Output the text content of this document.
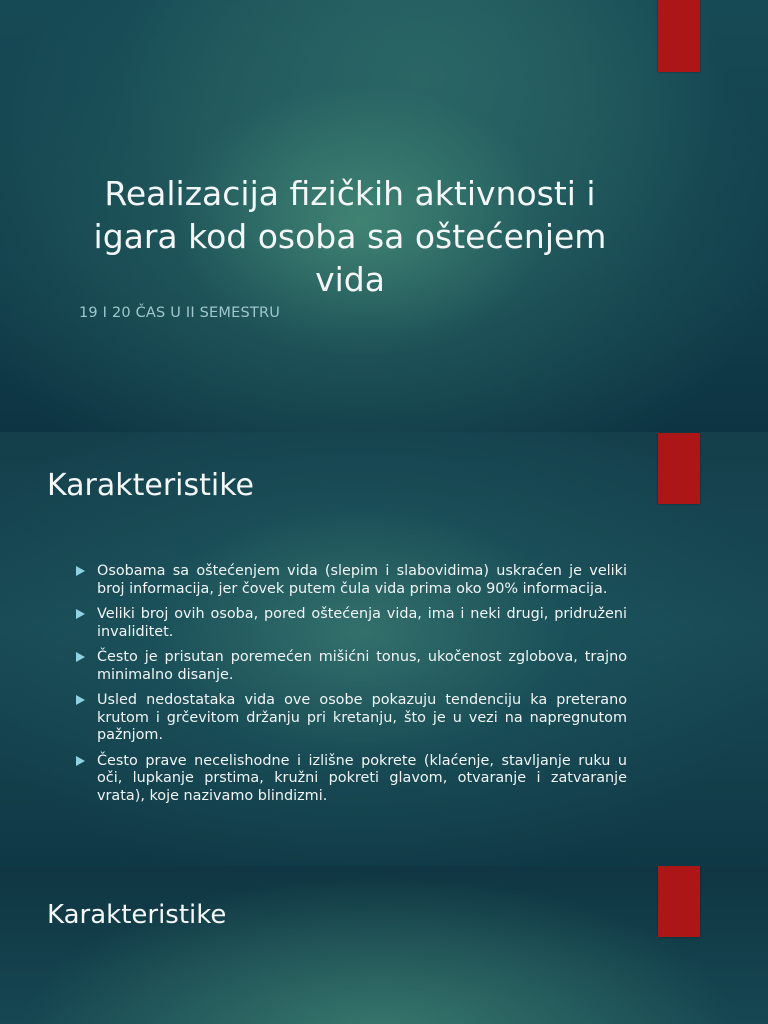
Realizacija fizičkih aktivnosti i igara kod osoba sa oštećenjem vida

19 I 20 ČAS U II SEMESTRU

Karakteristike
Osobama sa oštećenjem vida (slepim i slabovidima) uskraćen je veliki broj informacija, jer čovek putem čula vida prima oko 90% informacija.
Veliki broj ovih osoba, pored oštećenja vida, ima i neki drugi, pridruženi invaliditet.
Često je prisutan poremećen mišićni tonus, ukočenost zglobova, trajno minimalno disanje.
Usled nedostataka vida ove osobe pokazuju tendenciju ka preterano krutom i grčevitom držanju pri kretanju, što je u vezi na napregnutom pažnjom.
Često prave necelishodne i izlišne pokrete (klaćenje, stavljanje ruku u oči, lupkanje prstima, kružni pokreti glavom, otvaranje i zatvaranje vrata), koje nazivamo blindizmi.
Karakteristike
